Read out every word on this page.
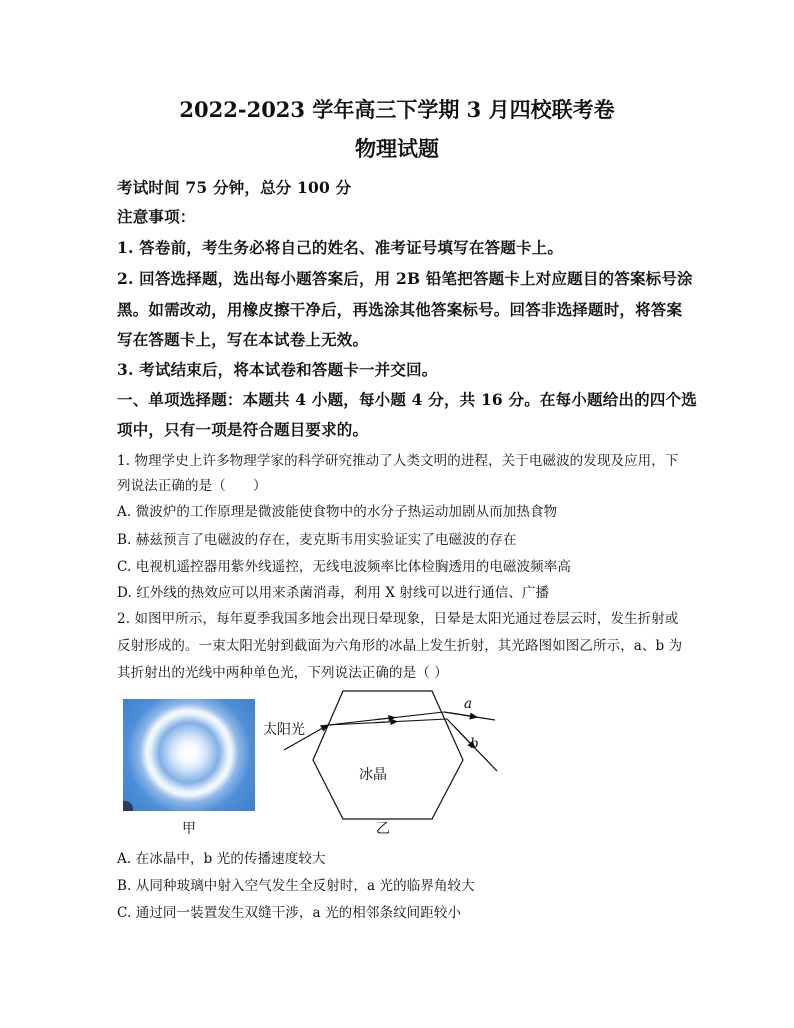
2022-2023 学年高三下学期 3 月四校联考卷
物理试题
考试时间 75 分钟，总分 100 分
注意事项：
1. 答卷前，考生务必将自己的姓名、准考证号填写在答题卡上。
2. 回答选择题，选出每小题答案后，用 2B 铅笔把答题卡上对应题目的答案标号涂
黑。如需改动，用橡皮擦干净后，再选涂其他答案标号。回答非选择题时，将答案
写在答题卡上，写在本试卷上无效。
3. 考试结束后，将本试卷和答题卡一并交回。
一、单项选择题：本题共 4 小题，每小题 4 分，共 16 分。在每小题给出的四个选
项中，只有一项是符合题目要求的。
1. 物理学史上许多物理学家的科学研究推动了人类文明的进程，关于电磁波的发现及应用，下
列说法正确的是（　　）
A. 微波炉的工作原理是微波能使食物中的水分子热运动加剧从而加热食物
B. 赫兹预言了电磁波的存在，麦克斯韦用实验证实了电磁波的存在
C. 电视机遥控器用紫外线遥控，无线电波频率比体检胸透用的电磁波频率高
D. 红外线的热效应可以用来杀菌消毒，利用 X 射线可以进行通信、广播
2. 如图甲所示，每年夏季我国多地会出现日晕现象，日晕是太阳光通过卷层云时，发生折射或
反射形成的。一束太阳光射到截面为六角形的冰晶上发生折射，其光路图如图乙所示，a、b 为
其折射出的光线中两种单色光，下列说法正确的是（ ）
太阳光
冰晶
a
b
甲	乙
A. 在冰晶中，b 光的传播速度较大
B. 从同种玻璃中射入空气发生全反射时，a 光的临界角较大
C. 通过同一装置发生双缝干涉，a 光的相邻条纹间距较小
